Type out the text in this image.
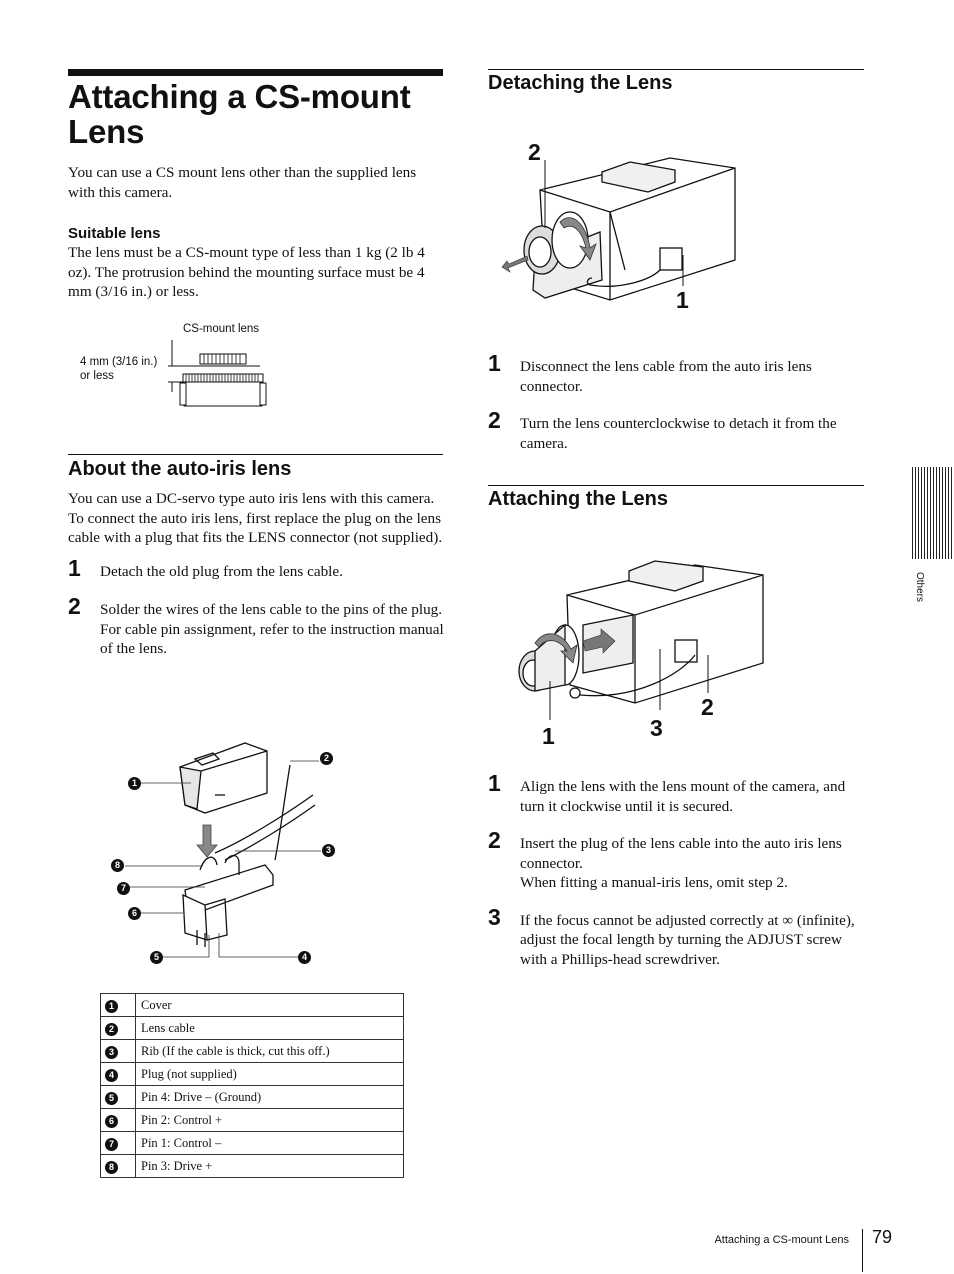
Attaching a CS-mount Lens
You can use a CS mount lens other than the supplied lens with this camera.
Suitable lens
The lens must be a CS-mount type of less than 1 kg (2 lb 4 oz). The protrusion behind the mounting surface must be 4 mm (3/16 in.) or less.
CS-mount lens
4 mm (3/16 in.)
or less
About the auto-iris lens
You can use a DC-servo type auto iris lens with this camera.
To connect the auto iris lens, first replace the plug on the lens cable with a plug that fits the LENS connector (not supplied).
1	Detach the old plug from the lens cable.
2	Solder the wires of the lens cable to the pins of the plug.
For cable pin assignment, refer to the instruction manual of the lens.
1
2
3
4
5
6
7
8
1	Cover
2	Lens cable
3	Rib (If the cable is thick, cut this off.)
4	Plug (not supplied)
5	Pin 4: Drive – (Ground)
6	Pin 2: Control +
7	Pin 1: Control –
8	Pin 3: Drive +
Detaching the Lens
2
1
1	Disconnect the lens cable from the auto iris lens connector.
2	Turn the lens counterclockwise to detach it from the camera.
Attaching the Lens
2
3
1
1	Align the lens with the lens mount of the camera, and turn it clockwise until it is secured.
2	Insert the plug of the lens cable into the auto iris lens connector.
When fitting a manual-iris lens, omit step 2.
3	If the focus cannot be adjusted correctly at ∞ (infinite), adjust the focal length by turning the ADJUST screw with a Phillips-head screwdriver.
Others
Attaching a CS-mount Lens 79
